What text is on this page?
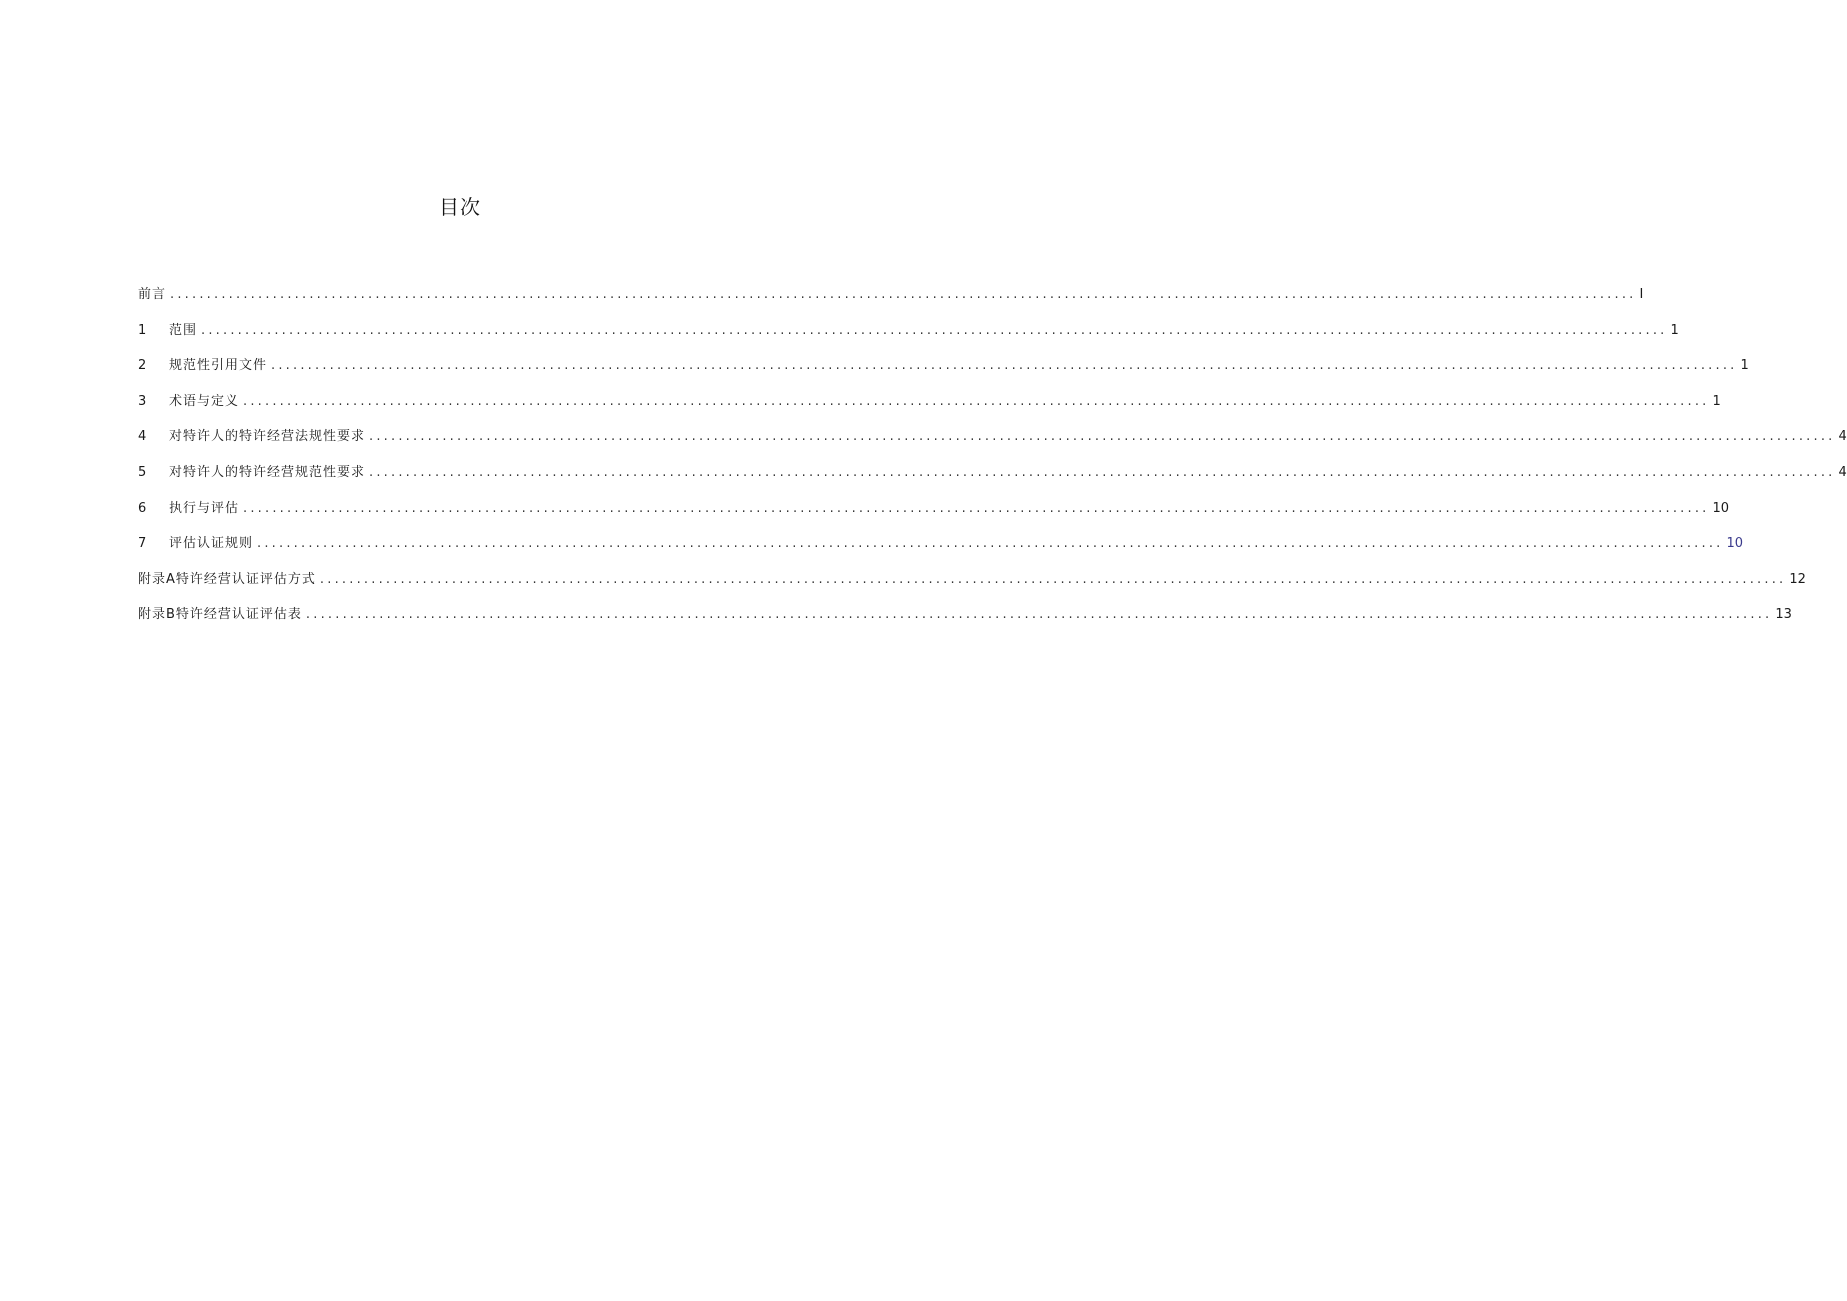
目次
前言 ........................................................................................................................................................................................................ I
1	范围 ........................................................................................................................................................................................................ 1
2	规范性引用文件 ........................................................................................................................................................................................................ 1
3	术语与定义 ........................................................................................................................................................................................................ 1
4	对特许人的特许经营法规性要求 ........................................................................................................................................................................................................ 4
5	对特许人的特许经营规范性要求 ........................................................................................................................................................................................................ 4
6	执行与评估 ........................................................................................................................................................................................................ 10
7	评估认证规则 ........................................................................................................................................................................................................ 10
附录A特许经营认证评估方式 ........................................................................................................................................................................................................ 12
附录B特许经营认证评估表 ........................................................................................................................................................................................................ 13
